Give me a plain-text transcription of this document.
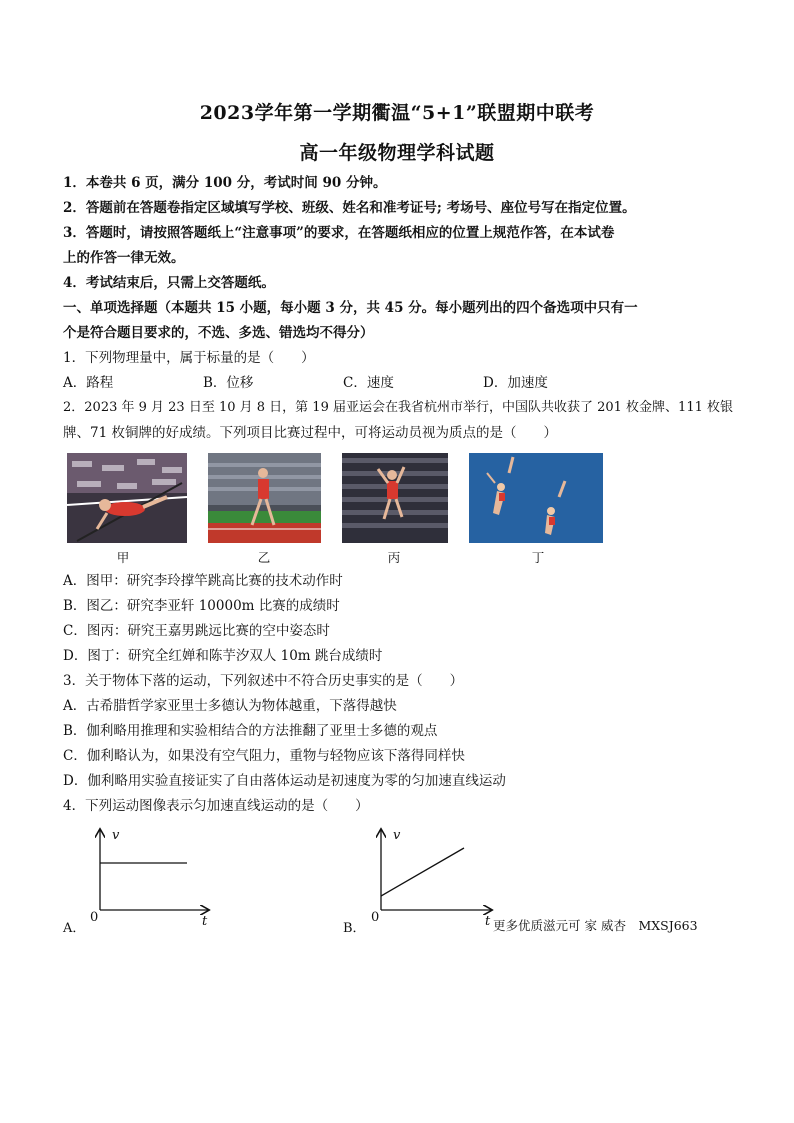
2023学年第一学期衢温“5+1”联盟期中联考
高一年级物理学科试题
1．本卷共 6 页，满分 100 分，考试时间 90 分钟。
2．答题前在答题卷指定区域填写学校、班级、姓名和准考证号; 考场号、座位号写在指定位置。
3．答题时，请按照答题纸上“注意事项”的要求，在答题纸相应的位置上规范作答，在本试卷
上的作答一律无效。
4．考试结束后，只需上交答题纸。
一、单项选择题（本题共 15 小题，每小题 3 分，共 45 分。每小题列出的四个备选项中只有一
个是符合题目要求的，不选、多选、错选均不得分）
1．下列物理量中，属于标量的是（　　）
A．路程	B．位移	C．速度	D．加速度
2．2023 年 9 月 23 日至 10 月 8 日，第 19 届亚运会在我省杭州市举行，中国队共收获了 201 枚金牌、111 枚银
牌、71 枚铜牌的好成绩。下列项目比赛过程中，可将运动员视为质点的是（　　）
甲	乙	丙	丁
A．图甲：研究李玲撑竿跳高比赛的技术动作时
B．图乙：研究李亚轩 10000m 比赛的成绩时
C．图丙：研究王嘉男跳远比赛的空中姿态时
D．图丁：研究全红婵和陈芋汐双人 10m 跳台成绩时
3．关于物体下落的运动，下列叙述中不符合历史事实的是（　　）
A．古希腊哲学家亚里士多德认为物体越重，下落得越快
B．伽利略用推理和实验相结合的方法推翻了亚里士多德的观点
C．伽利略认为，如果没有空气阻力，重物与轻物应该下落得同样快
D．伽利略用实验直接证实了自由落体运动是初速度为零的匀加速直线运动
4．下列运动图像表示匀加速直线运动的是（　　）
v
0	t
A．
v
0
B．	t 更多优质滋元可 家 威杏　MXSJ663
